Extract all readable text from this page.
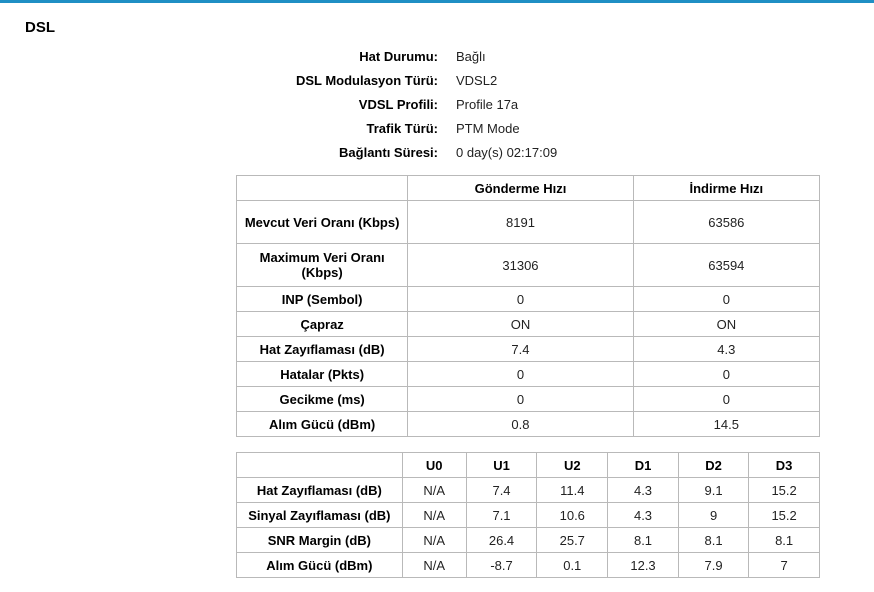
DSL
Hat Durumu:	Bağlı
DSL Modulasyon Türü:	VDSL2
VDSL Profili:	Profile 17a
Trafik Türü:	PTM Mode
Bağlantı Süresi:	0 day(s) 02:17:09
	Gönderme Hızı	İndirme Hızı
Mevcut Veri Oranı (Kbps)	8191	63586
Maximum Veri Oranı (Kbps)	31306	63594
INP (Sembol)	0	0
Çapraz	ON	ON
Hat Zayıflaması (dB)	7.4	4.3
Hatalar (Pkts)	0	0
Gecikme (ms)	0	0
Alım Gücü (dBm)	0.8	14.5
	U0	U1	U2	D1	D2	D3
Hat Zayıflaması (dB)	N/A	7.4	11.4	4.3	9.1	15.2
Sinyal Zayıflaması (dB)	N/A	7.1	10.6	4.3	9	15.2
SNR Margin (dB)	N/A	26.4	25.7	8.1	8.1	8.1
Alım Gücü (dBm)	N/A	-8.7	0.1	12.3	7.9	7
